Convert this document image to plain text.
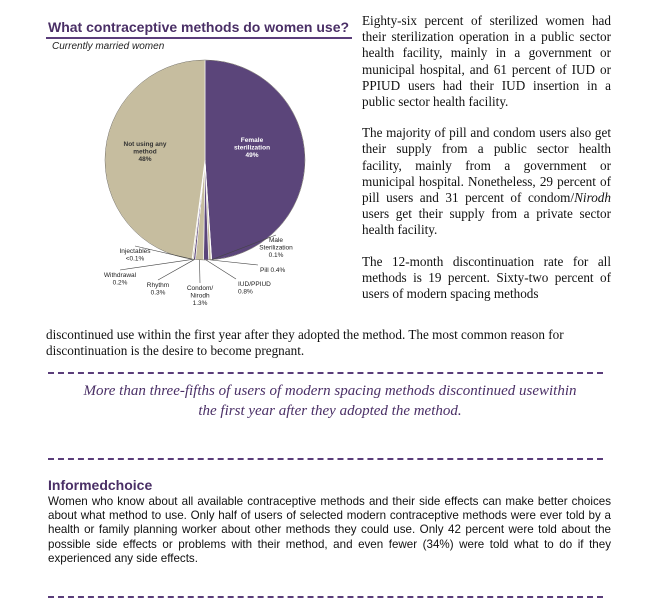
What contraceptive methods do women use?
Currently married women
Female sterilization 49%
Male Sterilization 0.1%
Pill 0.4%
IUD/PPIUD 0.8%
Condom/ Nirodh 1.3%
Rhythm 0.3%
Withdrawal 0.2%
Injectables <0.1%
Not using any method 48%

Eighty-six percent of sterilized women had their sterilization operation in a public sector health facility, mainly in a government or municipal hospital, and 61 percent of IUD or PPIUD users had their IUD insertion in a public sector health facility.

The majority of pill and condom users also get their supply from a public sector health facility, mainly from a government or municipal hospital. Nonetheless, 29 percent of pill users and 31 percent of condom/Nirodh users get their supply from a private sector health facility.

The 12-month discontinuation rate for all methods is 19 percent. Sixty-two percent of users of modern spacing methods

discontinued use within the first year after they adopted the method. The most common reason for discontinuation is the desire to become pregnant.
More than three-fifths of users of modern spacing methods discontinued usewithin the first year after they adopted the method.
Informedchoice

Women who know about all available contraceptive methods and their side effects can make better choices about what method to use. Only half of users of selected modern contraceptive methods were ever told by a health or family planning worker about other methods they could use. Only 42 percent were told about the possible side effects or problems with their method, and even fewer (34%) were told what to do if they experienced any side effects.
